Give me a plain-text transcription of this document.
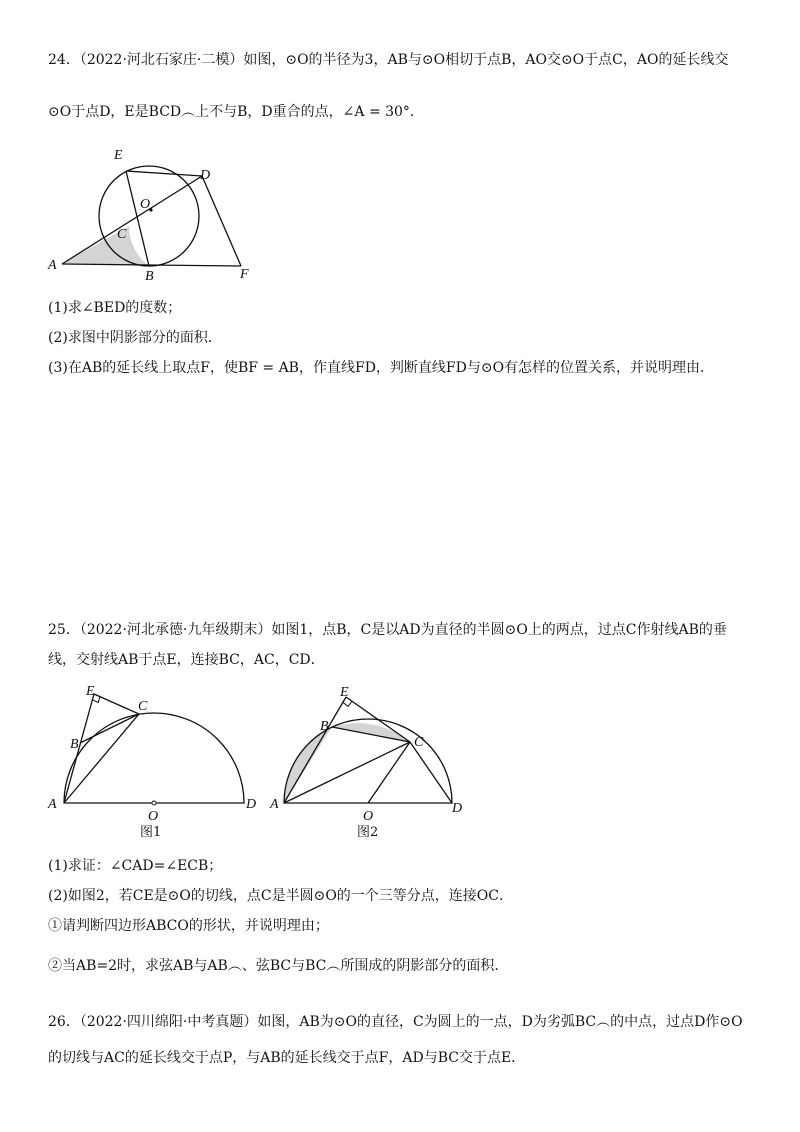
24．（2022·河北石家庄·二模）如图，⊙O的半径为3，AB与⊙O相切于点B，AO交⊙O于点C，AO的延长线交
⊙O于点D，E是BCD︵上不与B，D重合的点，∠A = 30°．
A
B
C
D
E
F
O
(1)求∠BED的度数；
(2)求图中阴影部分的面积．
(3)在AB的延长线上取点F，使BF = AB，作直线FD，判断直线FD与⊙O有怎样的位置关系，并说明理由．
25．（2022·河北承德·九年级期末）如图1，点B，C是以AD为直径的半圆⊙O上的两点，过点C作射线AB的垂
线，交射线AB于点E，连接BC，AC，CD．
A
B
C
D
E
O
图1
A
B
C
D
E
O
图2
(1)求证：∠CAD=∠ECB；
(2)如图2，若CE是⊙O的切线，点C是半圆⊙O的一个三等分点，连接OC．
①请判断四边形ABCO的形状，并说明理由；
②当AB=2时，求弦AB与AB︵、弦BC与BC︵所围成的阴影部分的面积．
26．（2022·四川绵阳·中考真题）如图，AB为⊙O的直径，C为圆上的一点，D为劣弧BC︵的中点，过点D作⊙O
的切线与AC的延长线交于点P，与AB的延长线交于点F，AD与BC交于点E．
